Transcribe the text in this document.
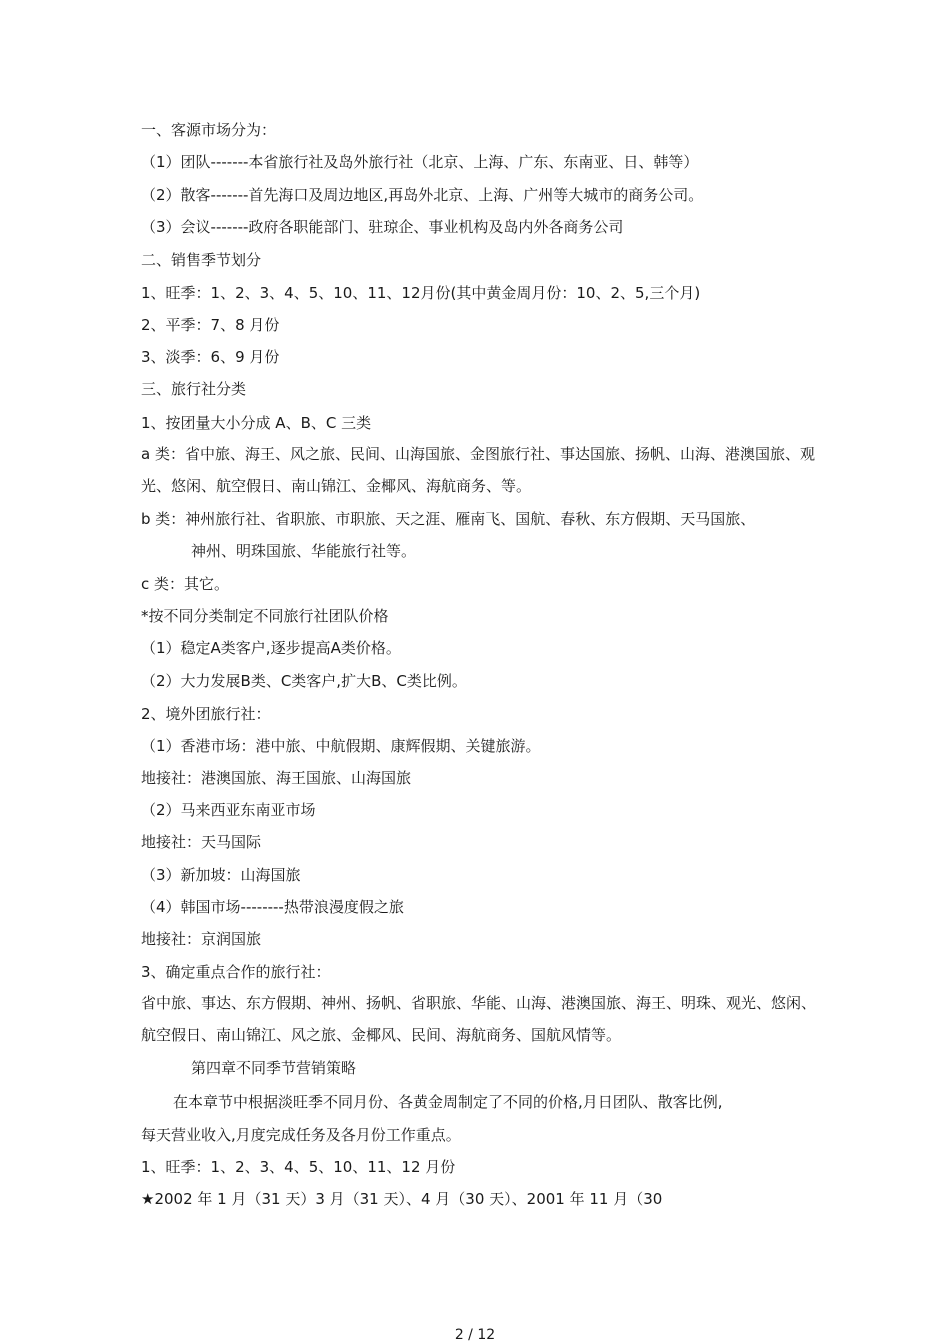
一、客源市场分为：
（1）团队-------本省旅行社及岛外旅行社（北京、上海、广东、东南亚、日、韩等）
（2）散客-------首先海口及周边地区,再岛外北京、上海、广州等大城市的商务公司。
（3）会议-------政府各职能部门、驻琼企、事业机构及岛内外各商务公司
二、销售季节划分
1、旺季：1、2、3、4、5、10、11、12月份(其中黄金周月份：10、2、5,三个月)
2、平季：7、8 月份
3、淡季：6、9 月份
三、旅行社分类
1、按团量大小分成 A、B、C 三类
a 类：省中旅、海王、风之旅、民间、山海国旅、金图旅行社、事达国旅、扬帆、山海、港澳国旅、观光、悠闲、航空假日、南山锦江、金椰风、海航商务、等。
b 类：神州旅行社、省职旅、市职旅、天之涯、雁南飞、国航、春秋、东方假期、天马国旅、
神州、明珠国旅、华能旅行社等。
c 类：其它。
*按不同分类制定不同旅行社团队价格
（1）稳定A类客户,逐步提高A类价格。
（2）大力发展B类、C类客户,扩大B、C类比例。
2、境外团旅行社：
（1）香港市场：港中旅、中航假期、康辉假期、关键旅游。
地接社：港澳国旅、海王国旅、山海国旅
（2）马来西亚东南亚市场
地接社：天马国际
（3）新加坡：山海国旅
（4）韩国市场--------热带浪漫度假之旅
地接社：京润国旅
3、确定重点合作的旅行社：
省中旅、事达、东方假期、神州、扬帆、省职旅、华能、山海、港澳国旅、海王、明珠、观光、悠闲、航空假日、南山锦江、风之旅、金椰风、民间、海航商务、国航风情等。
第四章不同季节营销策略
在本章节中根据淡旺季不同月份、各黄金周制定了不同的价格,月日团队、散客比例,
每天营业收入,月度完成任务及各月份工作重点。
1、旺季：1、2、3、4、5、10、11、12 月份
★2002 年 1 月（31 天）3 月（31 天）、4 月（30 天）、2001 年 11 月（30
2 / 12
